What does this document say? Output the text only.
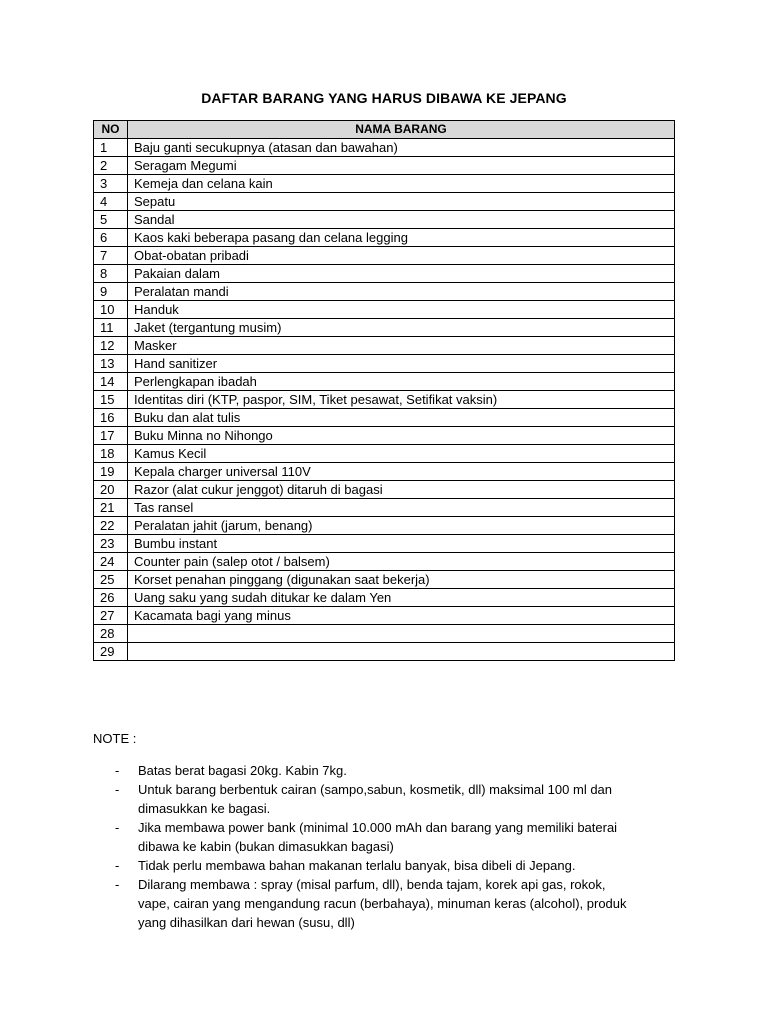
DAFTAR BARANG YANG HARUS DIBAWA KE JEPANG
NO	NAMA BARANG
1	Baju ganti secukupnya (atasan dan bawahan)
2	Seragam Megumi
3	Kemeja dan celana kain
4	Sepatu
5	Sandal
6	Kaos kaki beberapa pasang dan celana legging
7	Obat-obatan pribadi
8	Pakaian dalam
9	Peralatan mandi
10	Handuk
11	Jaket (tergantung musim)
12	Masker
13	Hand sanitizer
14	Perlengkapan ibadah
15	Identitas diri (KTP, paspor, SIM, Tiket pesawat, Setifikat vaksin)
16	Buku dan alat tulis
17	Buku Minna no Nihongo
18	Kamus Kecil
19	Kepala charger universal 110V
20	Razor (alat cukur jenggot) ditaruh di bagasi
21	Tas ransel
22	Peralatan jahit (jarum, benang)
23	Bumbu instant
24	Counter pain (salep otot / balsem)
25	Korset penahan pinggang (digunakan saat bekerja)
26	Uang saku yang sudah ditukar ke dalam Yen
27	Kacamata bagi yang minus
28	
29	
NOTE :
- Batas berat bagasi 20kg. Kabin 7kg.
- Untuk barang berbentuk cairan (sampo,sabun, kosmetik, dll) maksimal 100 ml dan
dimasukkan ke bagasi.
- Jika membawa power bank (minimal 10.000 mAh dan barang yang memiliki baterai
dibawa ke kabin (bukan dimasukkan bagasi)
- Tidak perlu membawa bahan makanan terlalu banyak, bisa dibeli di Jepang.
- Dilarang membawa : spray (misal parfum, dll), benda tajam, korek api gas, rokok,
vape, cairan yang mengandung racun (berbahaya), minuman keras (alcohol), produk
yang dihasilkan dari hewan (susu, dll)
